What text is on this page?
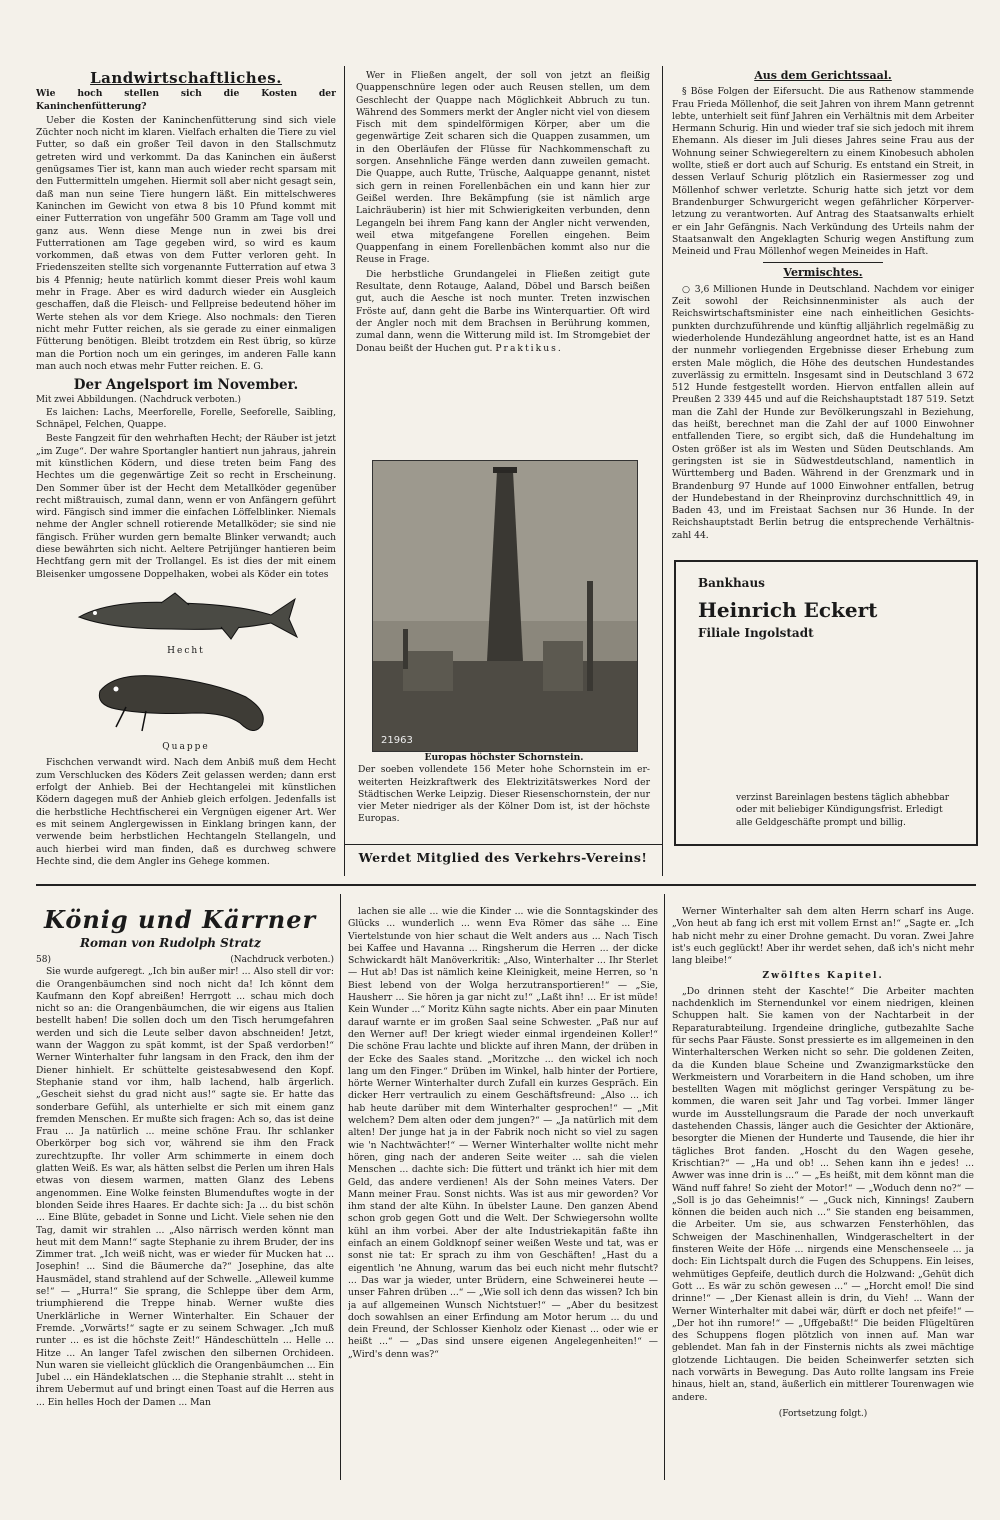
Landwirtschaftliches.
Wie hoch stellen sich die Kosten der Kaninchenfütterung?

Ueber die Kosten der Kaninchenfütterung sind sich viele Züchter noch nicht im klaren. Vielfach erhalten die Tiere zu viel Futter, so daß ein großer Teil davon in den Stallschmutz getreten wird und verkommt. Da das Kaninchen ein äußerst genügsames Tier ist, kann man auch wieder recht sparsam mit den Futtermitteln umgehen. Hiermit soll aber nicht gesagt sein, daß man nun seine Tiere hungern läßt. Ein mittelschweres Kaninchen im Gewicht von etwa 8 bis 10 Pfund kommt mit einer Futterration von ungefähr 500 Gramm am Tage voll und ganz aus. Wenn diese Menge nun in zwei bis drei Futterrationen am Tage gegeben wird, so wird es kaum vorkommen, daß etwas von dem Futter verloren geht. In Friedenszeiten stellte sich vorgenannte Futterration auf etwa 3 bis 4 Pfennig; heute natürlich kommt dieser Preis wohl kaum mehr in Frage. Aber es wird dadurch wieder ein Ausgleich geschaffen, daß die Fleisch- und Fellpreise bedeutend höher im Werte stehen als vor dem Kriege. Also nochmals: den Tieren nicht mehr Futter reichen, als sie gerade zu einer einmaligen Fütterung benötigen. Bleibt trotzdem ein Rest übrig, so kürze man die Portion noch um ein geringes, im anderen Falle kann man auch noch etwas mehr Futter reichen. E. G.

Der Angelsport im November.
Mit zwei Abbildungen. (Nachdruck verboten.)

Es laichen: Lachs, Meerforelle, Forelle, Seeforelle, Saibling, Schnäpel, Felchen, Quappe.

Beste Fangzeit für den wehrhaften Hecht; der Räuber ist jetzt „im Zuge“. Der wahre Sportangler hantiert nun jahraus, jahrein mit künstlichen Ködern, und diese treten beim Fang des Hechtes um die gegenwärtige Zeit so recht in Erscheinung. Den Sommer über ist der Hecht dem Metallköder gegenüber recht mißtrauisch, zumal dann, wenn er von Anfängern geführt wird. Fängisch sind immer die einfachen Löffelblinker. Niemals nehme der Angler schnell rotierende Metallköder; sie sind nie fängisch. Früher wurden gern bemalte Blinker verwandt; auch diese bewährten sich nicht. Aeltere Petrijünger hantieren beim Hechtfang gern mit der Trollangel. Es ist dies der mit einem Bleisenker umgossene Doppelhaken, wobei als Köder ein totes

Hecht
Quappe

Fischchen verwandt wird. Nach dem Anbiß muß dem Hecht zum Verschlucken des Köders Zeit gelassen werden; dann erst erfolgt der Anhieb. Bei der Hechtangelei mit künstlichen Ködern dagegen muß der Anhieb gleich erfolgen. Jedenfalls ist die herbstliche Hechtfischerei ein Vergnügen eigener Art. Wer es mit seinem Anglergewissen in Einklang bringen kann, der verwende beim herbstlichen Hechtangeln Stellangeln, und auch hierbei wird man finden, daß es durchweg schwere Hechte sind, die dem Angler ins Gehege kommen.

Wer in Fließen angelt, der soll von jetzt an fleißig Quappenschnüre legen oder auch Reusen stellen, um dem Geschlecht der Quappe nach Möglichkeit Abbruch zu tun. Während des Sommers merkt der Angler nicht viel von diesem Fisch mit dem spindelförmigen Körper, aber um die gegenwärtige Zeit scharen sich die Quappen zusammen, um in den Oberläufen der Flüsse für Nachkommenschaft zu sorgen. Ansehnliche Fänge werden dann zuweilen gemacht. Die Quappe, auch Rutte, Trüsche, Aalquappe genannt, nistet sich gern in reinen Forellenbächen ein und kann hier zur Geißel werden. Ihre Bekämpfung (sie ist nämlich arge Laichräuberin) ist hier mit Schwierigkeiten verbunden, denn Legangeln bei ihrem Fang kann der Angler nicht verwenden, weil etwa mitgefangene Forellen eingehen. Beim Quappenfang in einem Forellenbächen kommt also nur die Reuse in Frage.

Die herbstliche Grundangelei in Fließen zeitigt gute Resultate, denn Rotauge, Aaland, Döbel und Barsch beißen gut, auch die Aesche ist noch munter. Treten inzwischen Fröste auf, dann geht die Barbe ins Winterquartier. Oft wird der Angler noch mit dem Brachsen in Berührung kommen, zumal dann, wenn die Witterung mild ist. Im Stromgebiet der Donau beißt der Huchen gut. Praktikus.

21963
Europas höchster Schornstein.
Der soeben vollendete 156 Meter hohe Schornstein im erweiterten Heizkraftwerk des Elektrizitätswerkes Nord der Städtischen Werke Leipzig. Dieser Riesenschornstein, der nur vier Meter niedriger als der Kölner Dom ist, ist der höchste Europas.
Werdet Mitglied des Verkehrs-Vereins!
Aus dem Gerichtssaal.

§ Böse Folgen der Eifersucht. Die aus Rathenow stammende Frau Frieda Möllenhof, die seit Jahren von ihrem Mann getrennt lebte, unterhielt seit fünf Jahren ein Verhältnis mit dem Arbeiter Hermann Schurig. Hin und wieder traf sie sich jedoch mit ihrem Ehemann. Als dieser im Juli dieses Jahres seine Frau aus der Wohnung seiner Schwiegereltern zu einem Kinobesuch abholen wollte, stieß er dort auch auf Schurig. Es entstand ein Streit, in dessen Verlauf Schurig plötzlich ein Rasiermesser zog und Möllenhof schwer verletzte. Schurig hatte sich jetzt vor dem Brandenburger Schwurgericht wegen gefährlicher Körperverletzung zu verantworten. Auf Antrag des Staatsanwalts erhielt er ein Jahr Gefängnis. Nach Verkündung des Urteils nahm der Staatsanwalt den Angeklagten Schurig wegen Anstiftung zum Meineid und Frau Möllenhof wegen Meineides in Haft.

Vermischtes.

○ 3,6 Millionen Hunde in Deutschland. Nachdem vor einiger Zeit sowohl der Reichsinnenminister als auch der Reichswirtschaftsminister eine nach einheitlichen Gesichtspunkten durchzuführende und künftig alljährlich regelmäßig zu wiederholende Hundezählung angeordnet hatte, ist es an Hand der nunmehr vorliegenden Ergebnisse dieser Erhebung zum ersten Male möglich, die Höhe des deutschen Hundestandes zuverlässig zu ermitteln. Insgesamt sind in Deutschland 3 672 512 Hunde festgestellt worden. Hiervon entfallen allein auf Preußen 2 339 445 und auf die Reichshauptstadt 187 519. Setzt man die Zahl der Hunde zur Bevölkerungszahl in Beziehung, das heißt, berechnet man die Zahl der auf 1000 Einwohner entfallenden Tiere, so ergibt sich, daß die Hundehaltung im Osten größer ist als im Westen und Süden Deutschlands. Am geringsten ist sie in Südwestdeutschland, namentlich in Württemberg und Baden. Während in der Grenzmark und in Brandenburg 97 Hunde auf 1000 Einwohner entfallen, betrug der Hundebestand in der Rheinprovinz durchschnittlich 49, in Baden 43, und im Freistaat Sachsen nur 36 Hunde. In der Reichshauptstadt Berlin betrug die entsprechende Verhältniszahl 44.

Bankhaus
Heinrich Eckert
Filiale Ingolstadt
verzinst Bareinlagen bestens täglich abhebbar oder mit beliebiger Kündigungsfrist. Erledigt alle Geldgeschäfte prompt und billig.
König und Kärrner
Roman von Rudolph Stratz
58)	(Nachdruck verboten.)

Sie wurde aufgeregt. „Ich bin außer mir! ... Also stell dir vor: die Orangenbäumchen sind noch nicht da! Ich könnt dem Kaufmann den Kopf abreißen! Herrgott ... schau mich doch nicht so an: die Orangenbäumchen, die wir eigens aus Italien bestellt haben! Die sollen doch um den Tisch herumgefahren werden und sich die Leute selber davon abschneiden! Jetzt, wann der Waggon zu spät kommt, ist der Spaß verdorben!“ Werner Winterhalter fuhr langsam in den Frack, den ihm der Diener hinhielt. Er schüttelte geistesabwesend den Kopf. Stephanie stand vor ihm, halb lachend, halb ärgerlich. „Gescheit siehst du grad nicht aus!“ sagte sie. Er hatte das sonderbare Gefühl, als unterhielte er sich mit einem ganz fremden Menschen. Er mußte sich fragen: Ach so, das ist deine Frau ... Ja natürlich ... meine schöne Frau. Ihr schlanker Oberkörper bog sich vor, während sie ihm den Frack zurechtzupfte. Ihr voller Arm schimmerte in einem doch glatten Weiß. Es war, als hätten selbst die Perlen um ihren Hals etwas von diesem warmen, matten Glanz des Lebens angenommen. Eine Wolke feinsten Blumenduftes wogte in der blonden Seide ihres Haares. Er dachte sich: Ja ... du bist schön ... Eine Blüte, gebadet in Sonne und Licht. Viele sehen nie den Tag, damit wir strahlen ... „Also närrisch werden könnt man heut mit dem Mann!“ sagte Stephanie zu ihrem Bruder, der ins Zimmer trat. „Ich weiß nicht, was er wieder für Mucken hat ... Josephin! ... Sind die Bäumerche da?“ Josephine, das alte Hausmädel, stand strahlend auf der Schwelle. „Alleweil kumme se!“ — „Hurra!“ Sie sprang, die Schleppe über dem Arm, triumphierend die Treppe hinab. Werner wußte dies Unerklärliche in Werner Winterhalter. Ein Schauer der Fremde. „Vorwärts!“ sagte er zu seinem Schwager. „Ich muß runter ... es ist die höchste Zeit!“ Händeschütteln ... Helle ... Hitze ... An langer Tafel zwischen den silbernen Orchideen. Nun waren sie vielleicht glücklich die Orangenbäumchen ... Ein Jubel ... ein Händeklatschen ... die Stephanie strahlt ... steht in ihrem Uebermut auf und bringt einen Toast auf die Herren aus ... Ein helles Hoch der Damen ... Man

lachen sie alle ... wie die Kinder ... wie die Sonntagskinder des Glücks ... wunderlich ... wenn Eva Römer das sähe ... Eine Viertelstunde von hier schaut die Welt anders aus ... Nach Tisch bei Kaffee und Havanna ... Ringsherum die Herren ... der dicke Schwickardt hält Manöverkritik: „Also, Winterhalter ... Ihr Sterlet — Hut ab! Das ist nämlich keine Kleinigkeit, meine Herren, so 'n Biest lebend von der Wolga herzutransportieren!“ — „Sie, Hausherr ... Sie hören ja gar nicht zu!“ „Laßt ihn! ... Er ist müde! Kein Wunder ...“ Moritz Kühn sagte nichts. Aber ein paar Minuten darauf warnte er im großen Saal seine Schwester. „Paß nur auf den Werner auf! Der kriegt wieder einmal irgendeinen Koller!“ Die schöne Frau lachte und blickte auf ihren Mann, der drüben in der Ecke des Saales stand. „Moritzche ... den wickel ich noch lang um den Finger.“ Drüben im Winkel, halb hinter der Portiere, hörte Werner Winterhalter durch Zufall ein kurzes Gespräch. Ein dicker Herr vertraulich zu einem Geschäftsfreund: „Also ... ich hab heute darüber mit dem Winterhalter gesprochen!“ — „Mit welchem? Dem alten oder dem jungen?“ — „Ja natürlich mit dem alten! Der junge hat ja in der Fabrik noch nicht so viel zu sagen wie 'n Nachtwächter!“ — Werner Winterhalter wollte nicht mehr hören, ging nach der anderen Seite weiter ... sah die vielen Menschen ... dachte sich: Die füttert und tränkt ich hier mit dem Geld, das andere verdienen! Als der Sohn meines Vaters. Der Mann meiner Frau. Sonst nichts. Was ist aus mir geworden? Vor ihm stand der alte Kühn. In übelster Laune. Den ganzen Abend schon grob gegen Gott und die Welt. Der Schwiegersohn wollte kühl an ihm vorbei. Aber der alte Industriekapitän faßte ihn einfach an einem Goldknopf seiner weißen Weste und tat, was er sonst nie tat: Er sprach zu ihm von Geschäften! „Hast du a eigentlich 'ne Ahnung, warum das bei euch nicht mehr flutscht? ... Das war ja wieder, unter Brüdern, eine Schweinerei heute — unser Fahren drüben ...“ — „Wie soll ich denn das wissen? Ich bin ja auf allgemeinen Wunsch Nichtstuer!“ — „Aber du besitzest doch sowahlsen an einer Erfindung am Motor herum ... du und dein Freund, der Schlosser Kienholz oder Kienast ... oder wie er heißt ...“ — „Das sind unsere eigenen Angelegenheiten!“ — „Wird's denn was?“

Werner Winterhalter sah dem alten Herrn scharf ins Auge. „Von heut ab fang ich erst mit vollem Ernst an!“ „Sagte er. „Ich hab nicht mehr zu einer Drohne gemacht. Du voran. Zwei Jahre ist's euch geglückt! Aber ihr werdet sehen, daß ich's nicht mehr lang bleibe!“

Zwölftes Kapitel.

„Do drinnen steht der Kaschte!“ Die Arbeiter machten nachdenklich im Sternendunkel vor einem niedrigen, kleinen Schuppen halt. Sie kamen von der Nachtarbeit in der Reparaturabteilung. Irgendeine dringliche, gutbezahlte Sache für sechs Paar Fäuste. Sonst pressierte es im allgemeinen in den Winterhalterschen Werken nicht so sehr. Die goldenen Zeiten, da die Kunden blaue Scheine und Zwanzigmarkstücke den Werkmeistern und Vorarbeitern in die Hand schoben, um ihre bestellten Wagen mit möglichst geringer Verspätung zu bekommen, die waren seit Jahr und Tag vorbei. Immer länger wurde im Ausstellungsraum die Parade der noch unverkauft dastehenden Chassis, länger auch die Gesichter der Aktionäre, besorgter die Mienen der Hunderte und Tausende, die hier ihr tägliches Brot fanden. „Hoscht du den Wagen gesehe, Krischtian?“ — „Ha und ob! ... Sehen kann ihn e jedes! ... Awwer was inne drin is ...“ — „Es heißt, mit dem könnt man die Wänd nuff fahre! So zieht der Motor!“ — „Woduch denn no?“ — „Soll is jo das Geheimnis!“ — „Guck nich, Kinnings! Zaubern können die beiden auch nich ...“ Sie standen eng beisammen, die Arbeiter. Um sie, aus schwarzen Fensterhöhlen, das Schweigen der Maschinenhallen, Windgerascheltert in der finsteren Weite der Höfe ... nirgends eine Menschenseele ... ja doch: Ein Lichtspalt durch die Fugen des Schuppens. Ein leises, wehmütiges Gepfeife, deutlich durch die Holzwand: „Gehüt dich Gott ... Es wär zu schön gewesen ...“ — „Horcht emol! Die sind drinne!“ — „Der Kienast allein is drin, du Vieh! ... Wann der Werner Winterhalter mit dabei wär, dürft er doch net pfeife!“ — „Der hot ihn rumore!“ — „Uffgebaßt!“ Die beiden Flügeltüren des Schuppens flogen plötzlich von innen auf. Man war geblendet. Man fah in der Finsternis nichts als zwei mächtige glotzende Lichtaugen. Die beiden Scheinwerfer setzten sich nach vorwärts in Bewegung. Das Auto rollte langsam ins Freie hinaus, hielt an, stand, äußerlich ein mittlerer Tourenwagen wie andere.

(Fortsetzung folgt.)
